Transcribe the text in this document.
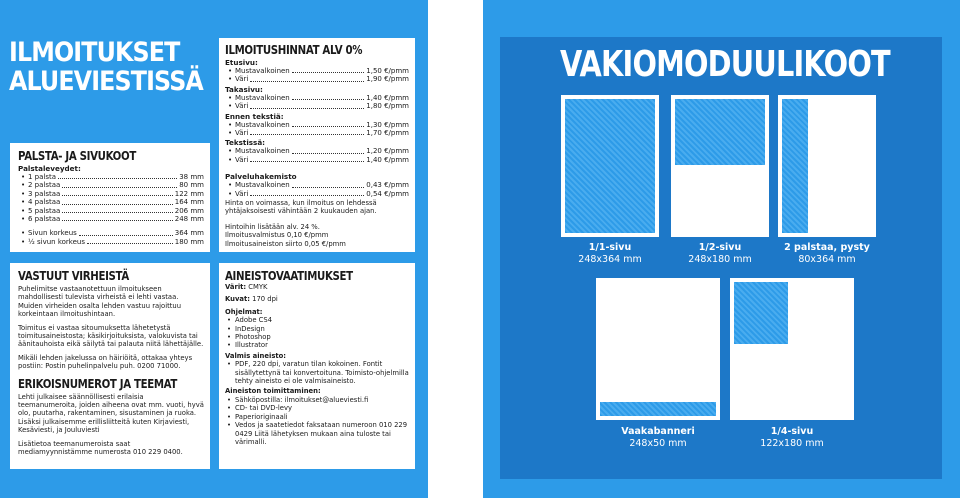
ILMOITUKSET
ALUEVIESTISSÄ
PALSTA- JA SIVUKOOT
Palstaleveydet:
• 1 palsta	38 mm
• 2 palstaa	80 mm
• 3 palstaa	122 mm
• 4 palstaa	164 mm
• 5 palstaa	206 mm
• 6 palstaa	248 mm
• Sivun korkeus	364 mm
• ½ sivun korkeus	180 mm
ILMOITUSHINNAT ALV 0%
Etusivu:
• Mustavalkoinen	1,50 €/pmm
• Väri	1,90 €/pmm
Takasivu:
• Mustavalkoinen	1,40 €/pmm
• Väri	1,80 €/pmm
Ennen tekstiä:
• Mustavalkoinen	1,30 €/pmm
• Väri	1,70 €/pmm
Tekstissä:
• Mustavalkoinen	1,20 €/pmm
• Väri	1,40 €/pmm
Palveluhakemisto
• Mustavalkoinen	0,43 €/pmm
• Väri	0,54 €/pmm
Hinta on voimassa, kun ilmoitus on lehdessä yhtäjaksoisesti vähintään 2 kuukauden ajan.
Hintoihin lisätään alv. 24 %.
Ilmoitusvalmistus 0,10 €/pmm
Ilmoitusaineiston siirto 0,05 €/pmm
VASTUUT VIRHEISTÄ
Puhelimitse vastaanotettuun ilmoitukseen mahdollisesti tulevista virheistä ei lehti vastaa. Muiden virheiden osalta lehden vastuu rajoittuu korkeintaan ilmoitushintaan.
Toimitus ei vastaa sitoumuksetta lähetetystä toimitusaineistosta; käsikirjoituksista, valokuvista tai äänitauhoista eikä säilytä tai palauta niitä lähettäjälle.
Mikäli lehden jakelussa on häiriöitä, ottakaa yhteys postiin: Postin puhelinpalvelu puh. 0200 71000.
ERIKOISNUMEROT JA TEEMAT
Lehti julkaisee säännöllisesti erilaisia teemanumeroita, joiden aiheena ovat mm. vuoti, hyvä olo, puutarha, rakentaminen, sisustaminen ja ruoka. Lisäksi julkaisemme erillisliitteitä kuten Kirjaviesti, Kesäviesti, ja Jouluviesti
Lisätietoa teemanumeroista saat mediamyynnistämme numerosta 010 229 0400.
AINEISTOVAATIMUKSET
Värit: CMYK
Kuvat: 170 dpi
Ohjelmat:
• Adobe CS4
• InDesign
• Photoshop
• Illustrator
Valmis aineisto:
• PDF, 220 dpi, varatun tilan kokoinen. Fontit sisällytettynä tai konvertoituna. Toimisto-ohjelmilla tehty aineisto ei ole valmisaineisto.
Aineiston toimittaminen:
• Sähköpostilla: ilmoitukset@alueviesti.fi
• CD- tai DVD-levy
• Paperioriginaali
• Vedos ja saatetiedot faksataan numeroon 010 229 0429 Liitä lähetyksen mukaan aina tuloste tai värimalli.
VAKIOMODUULIKOOT
1/1-sivu
248x364 mm
1/2-sivu
248x180 mm
2 palstaa, pysty
80x364 mm
Vaakabanneri
248x50 mm
1/4-sivu
122x180 mm
